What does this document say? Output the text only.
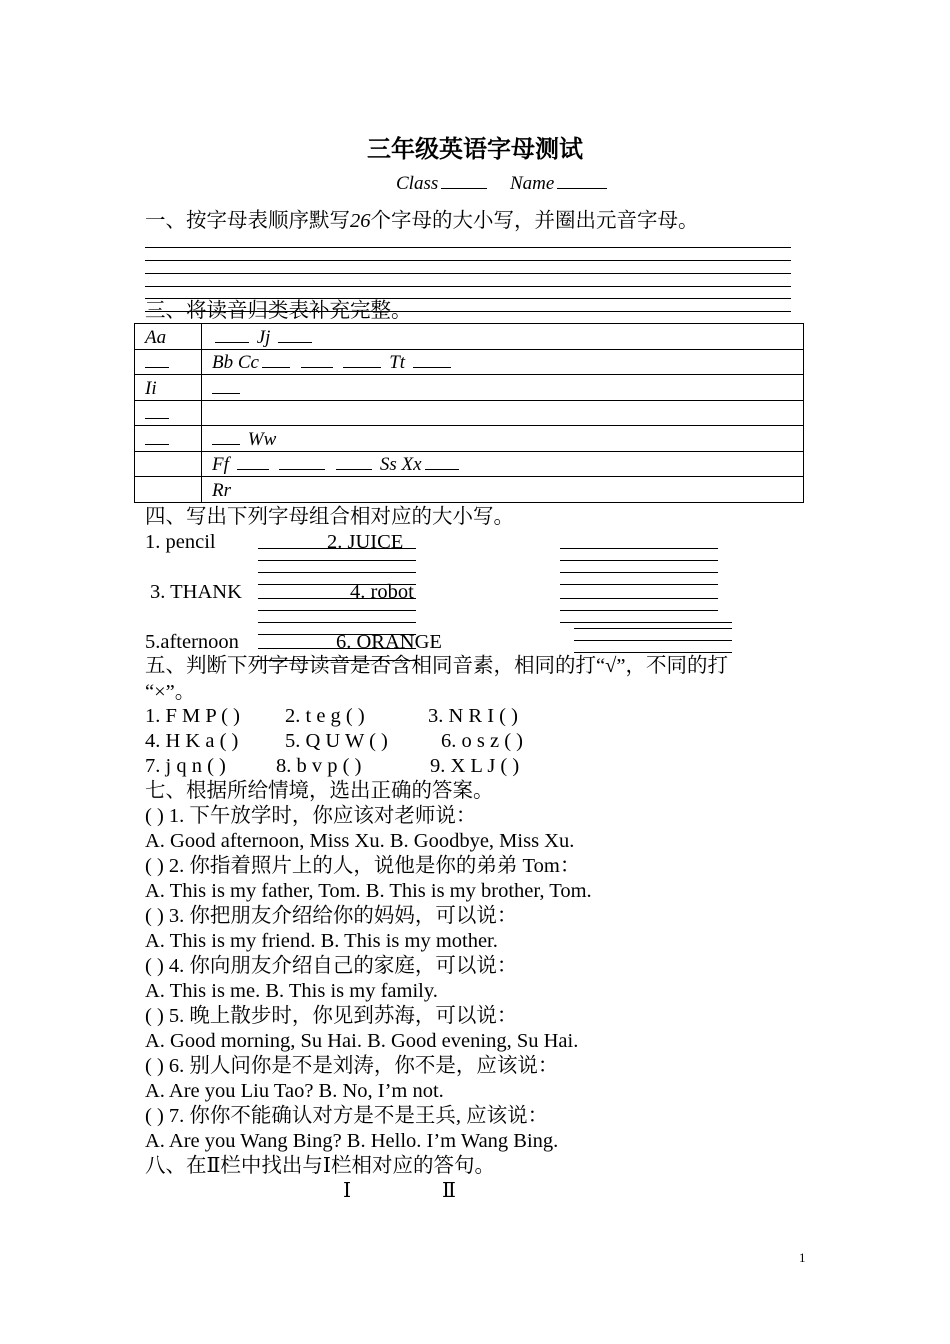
三年级英语字母测试
Class	Name
一、按字母表顺序默写26个字母的大小写，并圈出元音字母。
三、将读音归类表补充完整。
Aa	Jj
	Bb Cc Tt
Ii	

	Ww
	Ff Ss Xx
	Rr
四、写出下列字母组合相对应的大小写。
1. pencil	2. JUICE
3. THANK	4. robot
5.afternoon	6. ORANGE
五、判断下列字母读音是否含相同音素，相同的打“√”，不同的打
“×”。
1. F M P ( ) 2. t e g ( )	3. N R I ( )
4. H K a ( ) 5. Q U W ( )	6. o s z ( )
7. j q n ( ) 8. b v p ( )	9. X L J ( )
七、根据所给情境，选出正确的答案。
( ) 1. 下午放学时，你应该对老师说：
A. Good afternoon, Miss Xu. B. Goodbye, Miss Xu.
( ) 2. 你指着照片上的人，说他是你的弟弟 Tom：
A. This is my father, Tom. B. This is my brother, Tom.
( ) 3. 你把朋友介绍给你的妈妈，可以说：
A. This is my friend. B. This is my mother.
( ) 4. 你向朋友介绍自己的家庭，可以说：
A. This is me. B. This is my family.
( ) 5. 晚上散步时，你见到苏海，可以说：
A. Good morning, Su Hai. B. Good evening, Su Hai.
( ) 6. 别人问你是不是刘涛，你不是，应该说：
A. Are you Liu Tao? B. No, I’m not.
( ) 7. 你你不能确认对方是不是王兵, 应该说：
A. Are you Wang Bing? B. Hello. I’m Wang Bing.
八、在Ⅱ栏中找出与Ⅰ栏相对应的答句。
Ⅰ	Ⅱ
1
